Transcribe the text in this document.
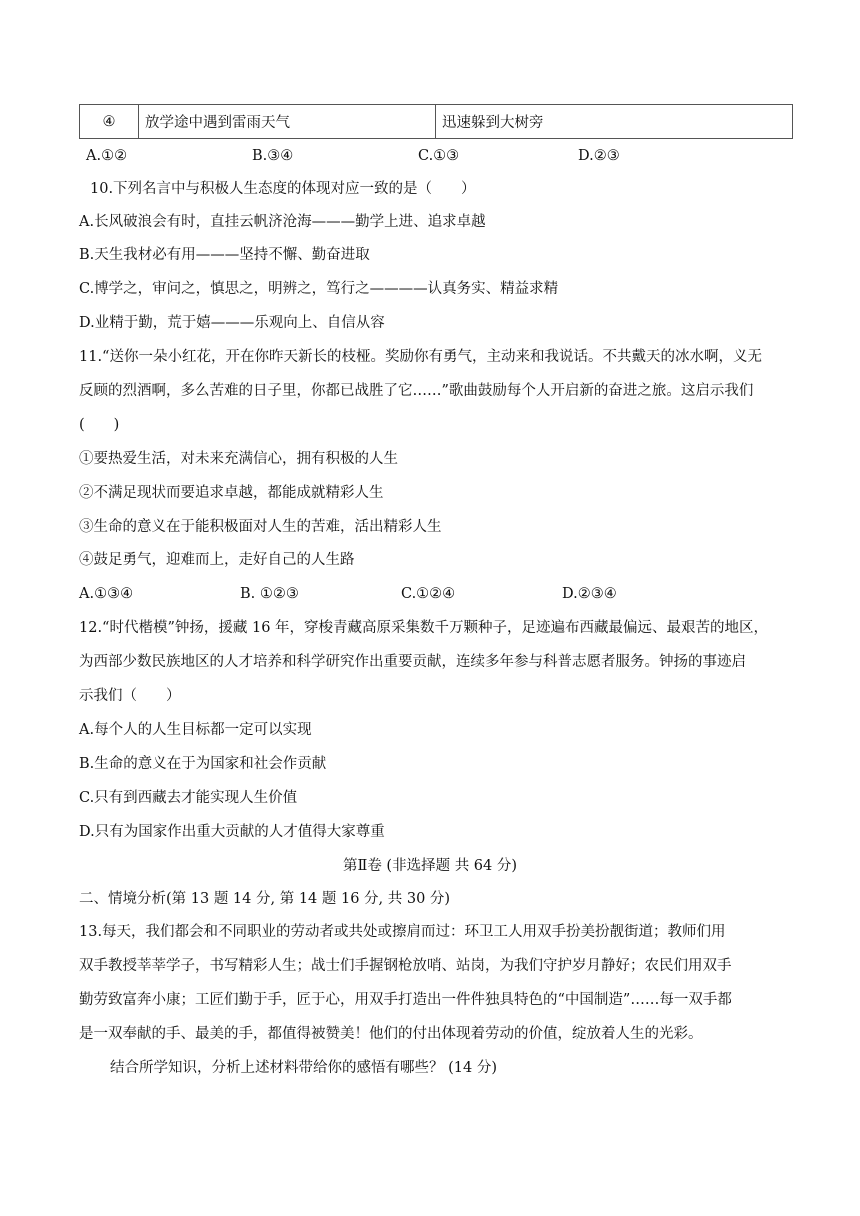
④	放学途中遇到雷雨天气	迅速躲到大树旁
A.①②	B.③④	C.①③	D.②③
10.下列名言中与积极人生态度的体现对应一致的是（　　）
A.长风破浪会有时，直挂云帆济沧海———勤学上进、追求卓越
B.天生我材必有用———坚持不懈、勤奋进取
C.博学之，审问之，慎思之，明辨之，笃行之————认真务实、精益求精
D.业精于勤，荒于嬉———乐观向上、自信从容
11.“送你一朵小红花，开在你昨天新长的枝桠。奖励你有勇气，主动来和我说话。不共戴天的冰水啊，义无
反顾的烈酒啊，多么苦难的日子里，你都已战胜了它……”歌曲鼓励每个人开启新的奋进之旅。这启示我们
(　　)
①要热爱生活，对未来充满信心，拥有积极的人生
②不满足现状而要追求卓越，都能成就精彩人生
③生命的意义在于能积极面对人生的苦难，活出精彩人生
④鼓足勇气，迎难而上，走好自己的人生路
A.①③④	B. ①②③	C.①②④	D.②③④
12.“时代楷模”钟扬，援藏 16 年，穿梭青藏高原采集数千万颗种子，足迹遍布西藏最偏远、最艰苦的地区，
为西部少数民族地区的人才培养和科学研究作出重要贡献，连续多年参与科普志愿者服务。钟扬的事迹启
示我们（　　）
A.每个人的人生目标都一定可以实现
B.生命的意义在于为国家和社会作贡献
C.只有到西藏去才能实现人生价值
D.只有为国家作出重大贡献的人才值得大家尊重
第Ⅱ卷 (非选择题 共 64 分)
二、情境分析(第 13 题 14 分, 第 14 题 16 分, 共 30 分)
13.每天，我们都会和不同职业的劳动者或共处或擦肩而过：环卫工人用双手扮美扮靓街道；教师们用
双手教授莘莘学子，书写精彩人生；战士们手握钢枪放哨、站岗，为我们守护岁月静好；农民们用双手
勤劳致富奔小康；工匠们勤于手，匠于心，用双手打造出一件件独具特色的“中国制造”……每一双手都
是一双奉献的手、最美的手，都值得被赞美！他们的付出体现着劳动的价值，绽放着人生的光彩。
结合所学知识，分析上述材料带给你的感悟有哪些？ (14 分)
